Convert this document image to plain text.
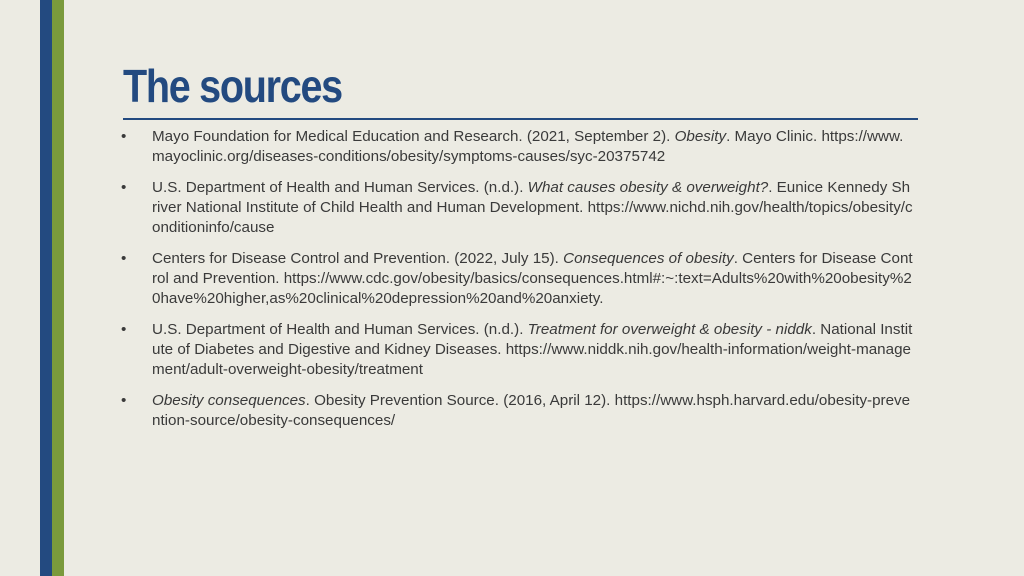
The sources
• Mayo Foundation for Medical Education and Research. (2021, September 2). Obesity. Mayo Clinic. https://www.mayoclinic.org/diseases-conditions/obesity/symptoms-causes/syc-20375742
• U.S. Department of Health and Human Services. (n.d.). What causes obesity & overweight?. Eunice Kennedy Shriver National Institute of Child Health and Human Development. https://www.nichd.nih.gov/health/topics/obesity/conditioninfo/cause
• Centers for Disease Control and Prevention. (2022, July 15). Consequences of obesity. Centers for Disease Control and Prevention. https://www.cdc.gov/obesity/basics/consequences.html#:~:text=Adults%20with%20obesity%20have%20higher,as%20clinical%20depression%20and%20anxiety.
• U.S. Department of Health and Human Services. (n.d.). Treatment for overweight & obesity - niddk. National Institute of Diabetes and Digestive and Kidney Diseases. https://www.niddk.nih.gov/health-information/weight-management/adult-overweight-obesity/treatment
• Obesity consequences. Obesity Prevention Source. (2016, April 12). https://www.hsph.harvard.edu/obesity-prevention-source/obesity-consequences/
